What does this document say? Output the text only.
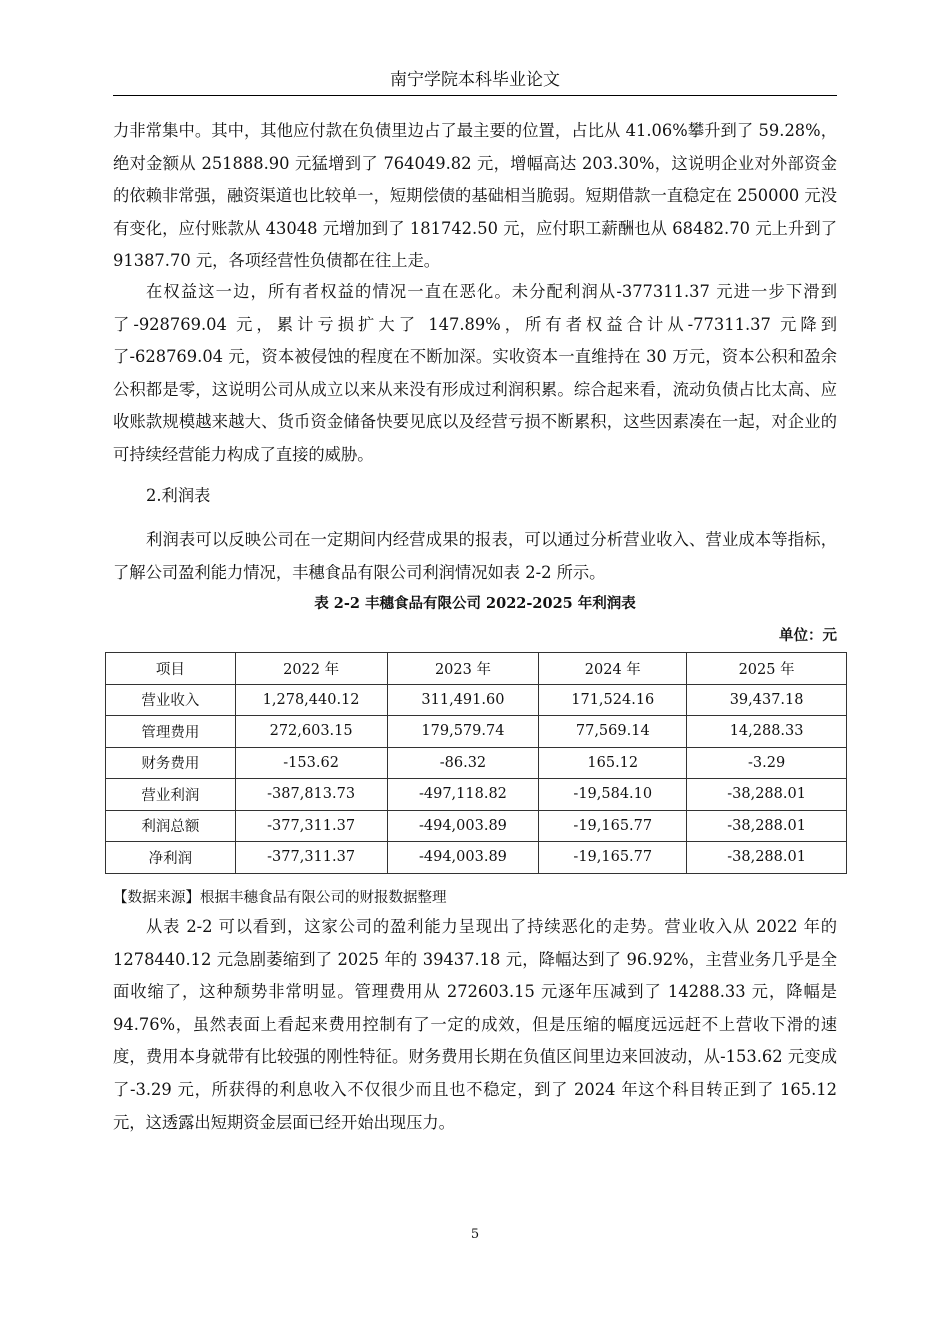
南宁学院本科毕业论文

力非常集中。其中，其他应付款在负债里边占了最主要的位置，占比从 41.06%攀升到了 59.28%，绝对金额从 251888.90 元猛增到了 764049.82 元，增幅高达 203.30%，这说明企业对外部资金的依赖非常强，融资渠道也比较单一，短期偿债的基础相当脆弱。短期借款一直稳定在 250000 元没有变化，应付账款从 43048 元增加到了 181742.50 元，应付职工薪酬也从 68482.70 元上升到了 91387.70 元，各项经营性负债都在往上走。

在权益这一边，所有者权益的情况一直在恶化。未分配利润从-377311.37 元进一步下滑到了-928769.04 元，累计亏损扩大了 147.89%，所有者权益合计从-77311.37 元降到了-628769.04 元，资本被侵蚀的程度在不断加深。实收资本一直维持在 30 万元，资本公积和盈余公积都是零，这说明公司从成立以来从来没有形成过利润积累。综合起来看，流动负债占比太高、应收账款规模越来越大、货币资金储备快要见底以及经营亏损不断累积，这些因素凑在一起，对企业的可持续经营能力构成了直接的威胁。

2.利润表

利润表可以反映公司在一定期间内经营成果的报表，可以通过分析营业收入、营业成本等指标，了解公司盈利能力情况，丰穗食品有限公司利润情况如表 2-2 所示。

表 2-2 丰穗食品有限公司 2022-2025 年利润表
单位：元
项目	2022 年	2023 年	2024 年	2025 年
营业收入	1,278,440.12	311,491.60	171,524.16	39,437.18
管理费用	272,603.15	179,579.74	77,569.14	14,288.33
财务费用	-153.62	-86.32	165.12	-3.29
营业利润	-387,813.73	-497,118.82	-19,584.10	-38,288.01
利润总额	-377,311.37	-494,003.89	-19,165.77	-38,288.01
净利润	-377,311.37	-494,003.89	-19,165.77	-38,288.01
【数据来源】根据丰穗食品有限公司的财报数据整理

从表 2-2 可以看到，这家公司的盈利能力呈现出了持续恶化的走势。营业收入从 2022 年的 1278440.12 元急剧萎缩到了 2025 年的 39437.18 元，降幅达到了 96.92%，主营业务几乎是全面收缩了，这种颓势非常明显。管理费用从 272603.15 元逐年压减到了 14288.33 元，降幅是 94.76%，虽然表面上看起来费用控制有了一定的成效，但是压缩的幅度远远赶不上营收下滑的速度，费用本身就带有比较强的刚性特征。财务费用长期在负值区间里边来回波动，从-153.62 元变成了-3.29 元，所获得的利息收入不仅很少而且也不稳定，到了 2024 年这个科目转正到了 165.12 元，这透露出短期资金层面已经开始出现压力。

5
